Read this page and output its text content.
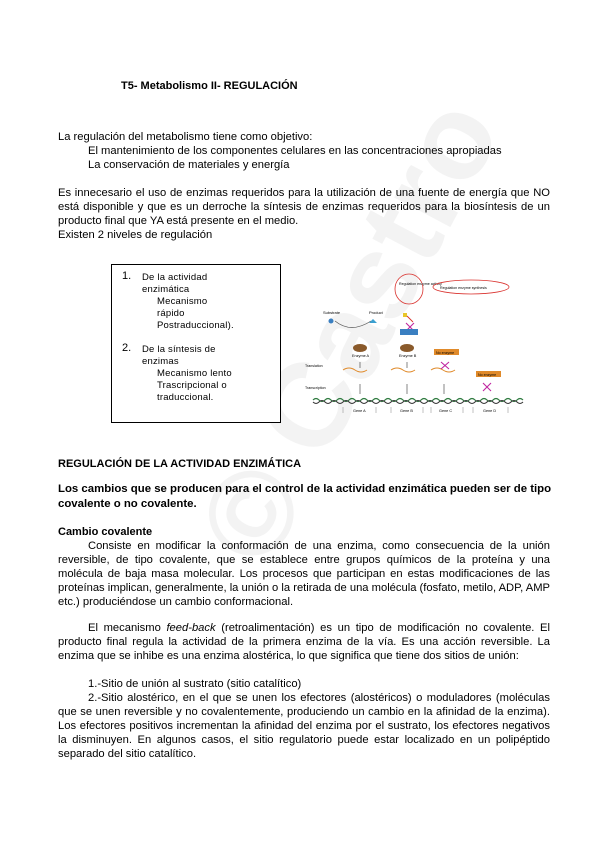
T5- Metabolismo II- REGULACIÓN
La regulación del metabolismo tiene como objetivo:
El mantenimiento de los componentes celulares en las concentraciones apropiadas
La conservación de materiales y energía
Es innecesario el uso de enzimas requeridos para la utilización de una fuente de energía que NO está disponible y que es un derroche la síntesis de enzimas requeridos para la biosíntesis de un producto final que YA está presente en el medio.
Existen 2 niveles de regulación
1. De la actividad
enzimática
Mecanismo
rápido
Postraduccional).
2. De la síntesis de
enzimas
Mecanismo lento
Trascripcional o
traduccional.
Regulation enzyme activity
Regulation enzyme synthesis
Substrate	Product
Enzyme A	Enzyme B
No enzyme
No enzyme
Translation
Transcription
Gene A	Gene B	Gene C	Gene D
REGULACIÓN DE LA ACTIVIDAD ENZIMÁTICA
Los cambios que se producen para el control de la actividad enzimática pueden ser de tipo covalente o no covalente.
Cambio covalente
Consiste en modificar la conformación de una enzima, como consecuencia de la unión reversible, de tipo covalente, que se establece entre grupos químicos de la proteína y una molécula de baja masa molecular. Los procesos que participan en estas modificaciones de las proteínas implican, generalmente, la unión o la retirada de una molécula (fosfato, metilo, ADP, AMP etc.) produciéndose un cambio conformacional.
El mecanismo feed-back (retroalimentación) es un tipo de modificación no covalente. El producto final regula la actividad de la primera enzima de la vía. Es una acción reversible. La enzima que se inhibe es una enzima alostérica, lo que significa que tiene dos sitios de unión:
1.-Sitio de unión al sustrato (sitio catalítico)
2.-Sitio alostérico, en el que se unen los efectores (alostéricos) o moduladores (moléculas que se unen reversible y no covalentemente, produciendo un cambio en la afinidad de la enzima). Los efectores positivos incrementan la afinidad del enzima por el sustrato, los efectores negativos la disminuyen. En algunos casos, el sitio regulatorio puede estar localizado en un polipéptido separado del sitio catalítico.
